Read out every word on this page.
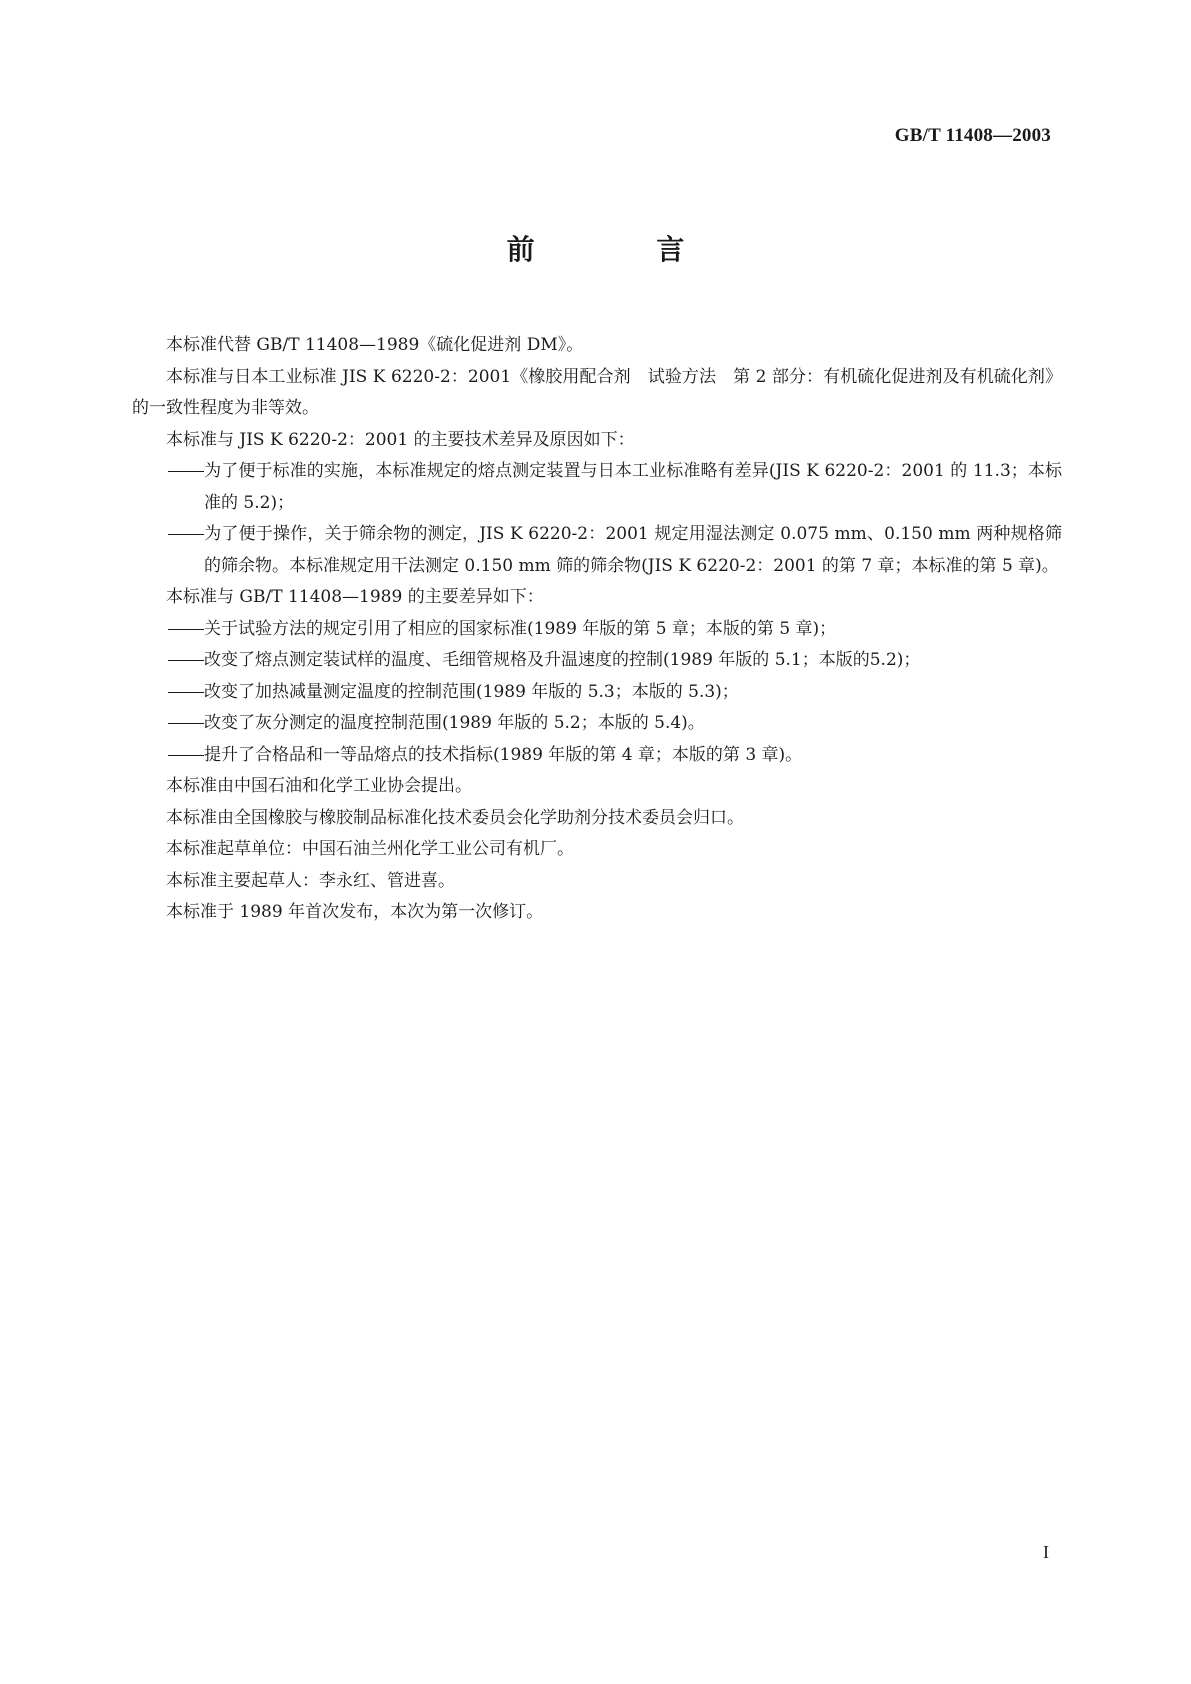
GB/T 11408—2003
前 言

本标准代替 GB/T 11408—1989《硫化促进剂 DM》。

本标准与日本工业标准 JIS K 6220-2：2001《橡胶用配合剂　试验方法　第 2 部分：有机硫化促进剂及有机硫化剂》的一致性程度为非等效。

本标准与 JIS K 6220-2：2001 的主要技术差异及原因如下：

为了便于标准的实施，本标准规定的熔点测定装置与日本工业标准略有差异(JIS K 6220-2：2001 的 11.3；本标准的 5.2)；

为了便于操作，关于筛余物的测定，JIS K 6220-2：2001 规定用湿法测定 0.075 mm、0.150 mm 两种规格筛的筛余物。本标准规定用干法测定 0.150 mm 筛的筛余物(JIS K 6220-2：2001 的第 7 章；本标准的第 5 章)。

本标准与 GB/T 11408—1989 的主要差异如下：

关于试验方法的规定引用了相应的国家标准(1989 年版的第 5 章；本版的第 5 章)；

改变了熔点测定装试样的温度、毛细管规格及升温速度的控制(1989 年版的 5.1；本版的5.2)；

改变了加热减量测定温度的控制范围(1989 年版的 5.3；本版的 5.3)；

改变了灰分测定的温度控制范围(1989 年版的 5.2；本版的 5.4)。

提升了合格品和一等品熔点的技术指标(1989 年版的第 4 章；本版的第 3 章)。

本标准由中国石油和化学工业协会提出。

本标准由全国橡胶与橡胶制品标准化技术委员会化学助剂分技术委员会归口。

本标准起草单位：中国石油兰州化学工业公司有机厂。

本标准主要起草人：李永红、管进喜。

本标准于 1989 年首次发布，本次为第一次修订。

I
